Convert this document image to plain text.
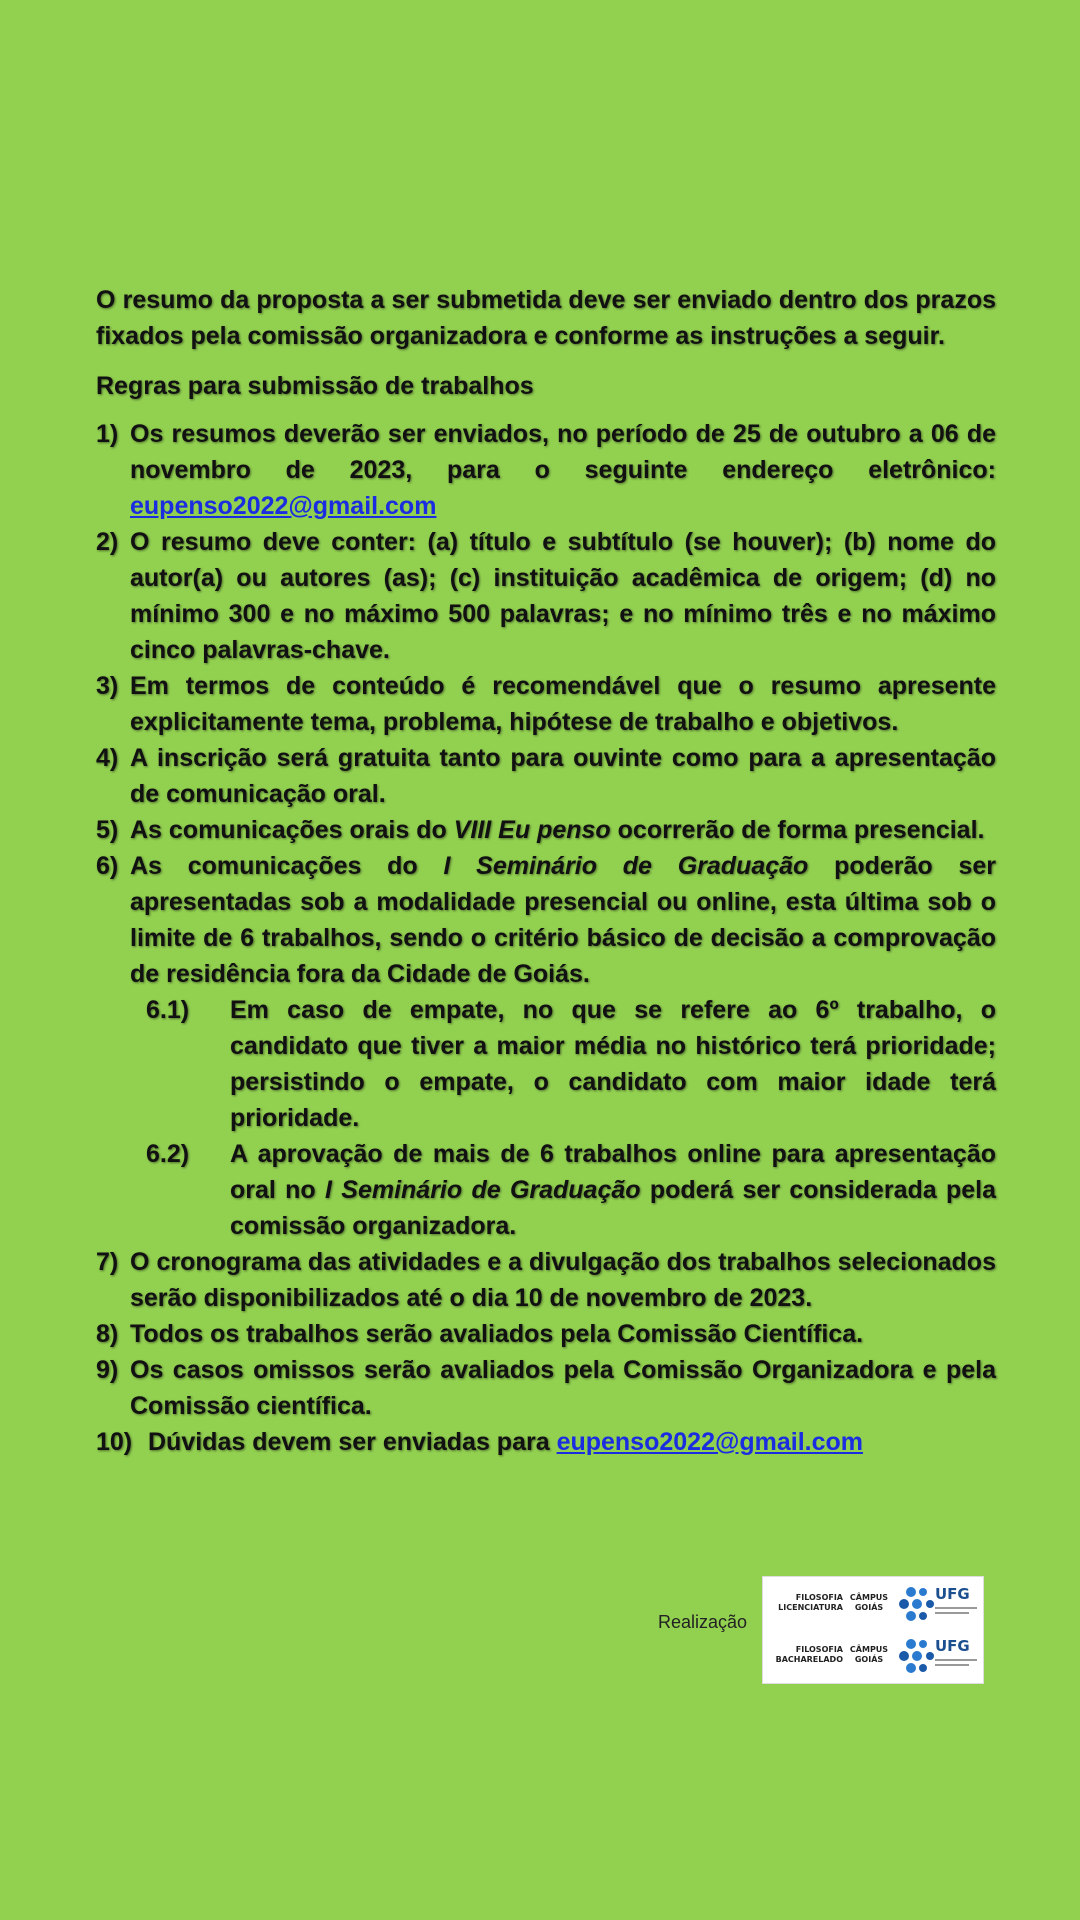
O resumo da proposta a ser submetida deve ser enviado dentro dos prazos fixados pela comissão organizadora e conforme as instruções a seguir.

Regras para submissão de trabalhos
1) Os resumos deverão ser enviados, no período de 25 de outubro a 06 de novembro de 2023, para o seguinte endereço eletrônico: eupenso2022@gmail.com
2) O resumo deve conter: (a) título e subtítulo (se houver); (b) nome do autor(a) ou autores (as); (c) instituição acadêmica de origem; (d) no mínimo 300 e no máximo 500 palavras; e no mínimo três e no máximo cinco palavras-chave.
3) Em termos de conteúdo é recomendável que o resumo apresente explicitamente tema, problema, hipótese de trabalho e objetivos.
4) A inscrição será gratuita tanto para ouvinte como para a apresentação de comunicação oral.
5) As comunicações orais do VIII Eu penso ocorrerão de forma presencial.
6) As comunicações do I Seminário de Graduação poderão ser apresentadas sob a modalidade presencial ou online, esta última sob o limite de 6 trabalhos, sendo o critério básico de decisão a comprovação de residência fora da Cidade de Goiás.
6.1)	Em caso de empate, no que se refere ao 6º trabalho, o candidato que tiver a maior média no histórico terá prioridade; persistindo o empate, o candidato com maior idade terá prioridade.
6.2)	A aprovação de mais de 6 trabalhos online para apresentação oral no I Seminário de Graduação poderá ser considerada pela comissão organizadora.
7) O cronograma das atividades e a divulgação dos trabalhos selecionados serão disponibilizados até o dia 10 de novembro de 2023.
8) Todos os trabalhos serão avaliados pela Comissão Científica.
9) Os casos omissos serão avaliados pela Comissão Organizadora e pela Comissão científica.
10) Dúvidas devem ser enviadas para eupenso2022@gmail.com
Realização
FILOSOFIA
LICENCIATURA
CÂMPUS
GOIÁS
UFG
FILOSOFIA
BACHARELADO
CÂMPUS
GOIÁS
UFG
